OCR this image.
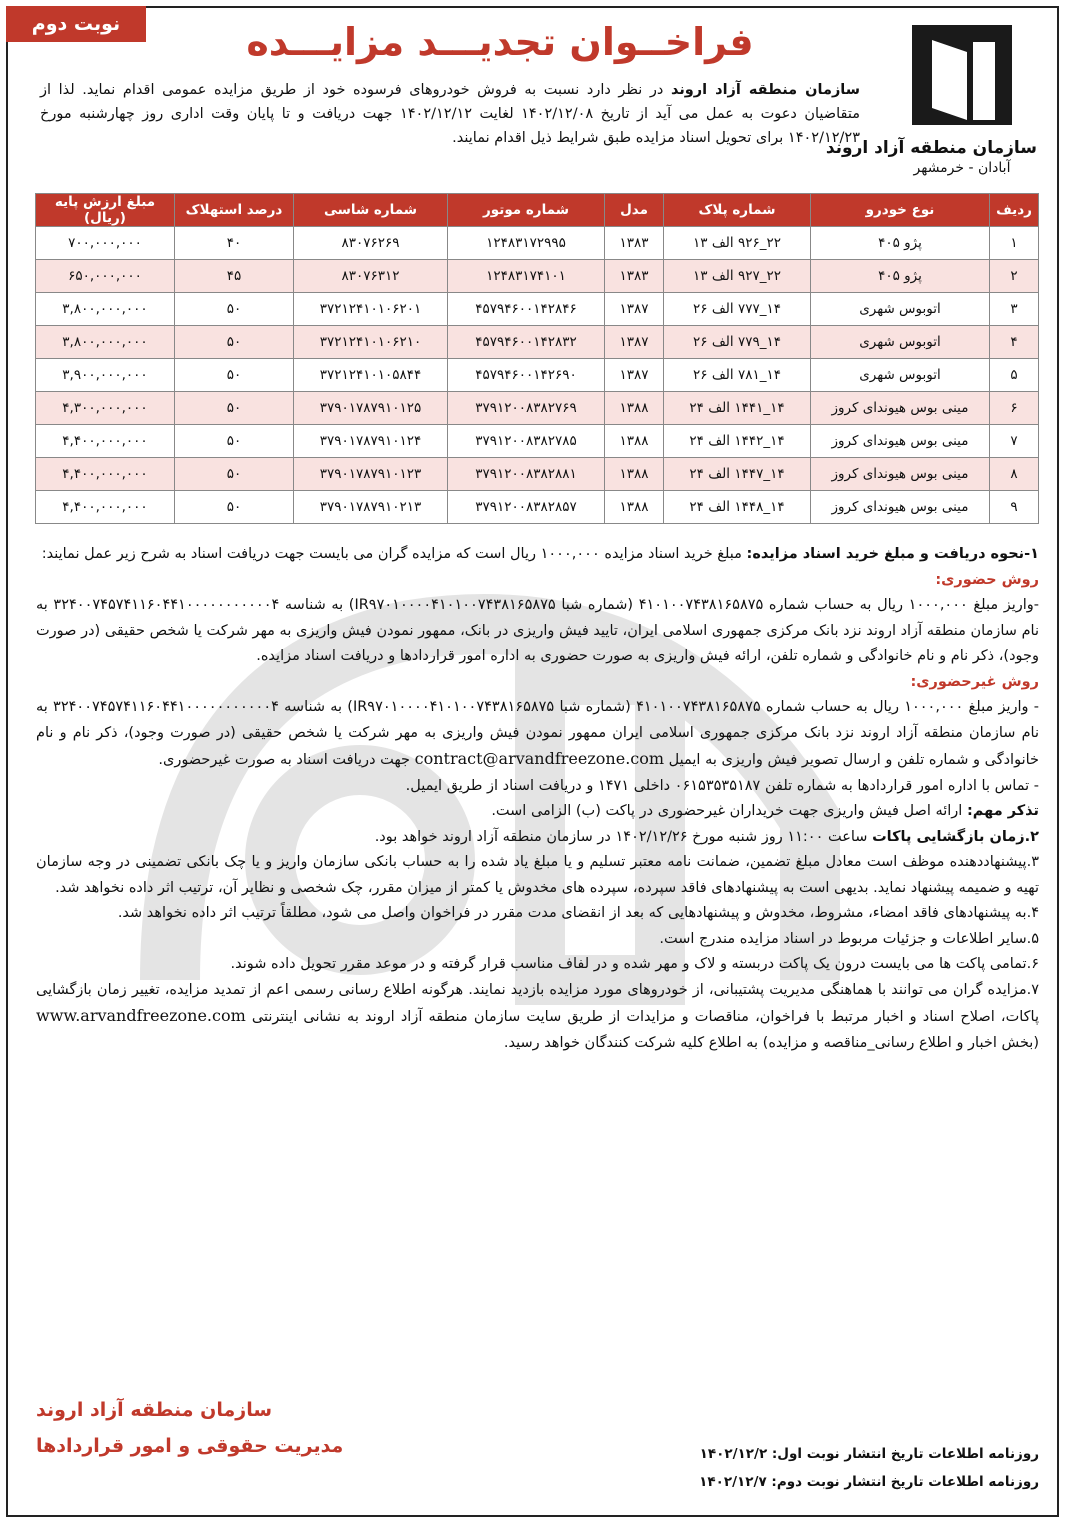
نوبت دوم
سازمان منطقه آزاد اروند
آبادان - خرمشهر
فراخــوان تجدیـــد مزایـــده
سازمان منطقه آزاد اروند در نظر دارد نسبت به فروش خودروهای فرسوده خود از طریق مزایده عمومی اقدام نماید. لذا از متقاضیان دعوت به عمل می آید از تاریخ ۱۴۰۲/۱۲/۰۸ لغایت ۱۴۰۲/۱۲/۱۲ جهت دریافت و تا پایان وقت اداری روز چهارشنبه مورخ ۱۴۰۲/۱۲/۲۳ برای تحویل اسناد مزایده طبق شرایط ذیل اقدام نمایند.
ردیف	نوع خودرو	شماره پلاک	مدل	شماره موتور	شماره شاسی	درصد استهلاک	مبلغ ارزش پایه (ریال)
۱	پژو ۴۰۵	۲۲_۹۲۶ الف ۱۳	۱۳۸۳	۱۲۴۸۳۱۷۲۹۹۵	۸۳۰۷۶۲۶۹	۴۰	۷۰۰,۰۰۰,۰۰۰
۲	پژو ۴۰۵	۲۲_۹۲۷ الف ۱۳	۱۳۸۳	۱۲۴۸۳۱۷۴۱۰۱	۸۳۰۷۶۳۱۲	۴۵	۶۵۰,۰۰۰,۰۰۰
۳	اتوبوس شهری	۱۴_۷۷۷ الف ۲۶	۱۳۸۷	۴۵۷۹۴۶۰۰۱۴۲۸۴۶	۳۷۲۱۲۴۱۰۱۰۶۲۰۱	۵۰	۳,۸۰۰,۰۰۰,۰۰۰
۴	اتوبوس شهری	۱۴_۷۷۹ الف ۲۶	۱۳۸۷	۴۵۷۹۴۶۰۰۱۴۲۸۳۲	۳۷۲۱۲۴۱۰۱۰۶۲۱۰	۵۰	۳,۸۰۰,۰۰۰,۰۰۰
۵	اتوبوس شهری	۱۴_۷۸۱ الف ۲۶	۱۳۸۷	۴۵۷۹۴۶۰۰۱۴۲۶۹۰	۳۷۲۱۲۴۱۰۱۰۵۸۴۴	۵۰	۳,۹۰۰,۰۰۰,۰۰۰
۶	مینی بوس هیوندای کروز	۱۴_۱۴۴۱ الف ۲۴	۱۳۸۸	۳۷۹۱۲۰۰۸۳۸۲۷۶۹	۳۷۹۰۱۷۸۷۹۱۰۱۲۵	۵۰	۴,۳۰۰,۰۰۰,۰۰۰
۷	مینی بوس هیوندای کروز	۱۴_۱۴۴۲ الف ۲۴	۱۳۸۸	۳۷۹۱۲۰۰۸۳۸۲۷۸۵	۳۷۹۰۱۷۸۷۹۱۰۱۲۴	۵۰	۴,۴۰۰,۰۰۰,۰۰۰
۸	مینی بوس هیوندای کروز	۱۴_۱۴۴۷ الف ۲۴	۱۳۸۸	۳۷۹۱۲۰۰۸۳۸۲۸۸۱	۳۷۹۰۱۷۸۷۹۱۰۱۲۳	۵۰	۴,۴۰۰,۰۰۰,۰۰۰
۹	مینی بوس هیوندای کروز	۱۴_۱۴۴۸ الف ۲۴	۱۳۸۸	۳۷۹۱۲۰۰۸۳۸۲۸۵۷	۳۷۹۰۱۷۸۷۹۱۰۲۱۳	۵۰	۴,۴۰۰,۰۰۰,۰۰۰

۱-نحوه دریافت و مبلغ خرید اسناد مزایده: مبلغ خرید اسناد مزایده ۱۰۰۰,۰۰۰ ریال است که مزایده گران می بایست جهت دریافت اسناد به شرح زیر عمل نمایند:

روش حضوری:

-واریز مبلغ ۱۰۰۰,۰۰۰ ریال به حساب شماره ۴۱۰۱۰۰۷۴۳۸۱۶۵۸۷۵ (شماره شبا IR۹۷۰۱۰۰۰۰۴۱۰۱۰۰۷۴۳۸۱۶۵۸۷۵) به شناسه ۳۲۴۰۰۷۴۵۷۴۱۱۶۰۴۴۱۰۰۰۰۰۰۰۰۰۰۰۴ به نام سازمان منطقه آزاد اروند نزد بانک مرکزی جمهوری اسلامی ایران، تایید فیش واریزی در بانک، ممهور نمودن فیش واریزی به مهر شرکت یا شخص حقیقی (در صورت وجود)، ذکر نام و نام خانوادگی و شماره تلفن، ارائه فیش واریزی به صورت حضوری به اداره امور قراردادها و دریافت اسناد مزایده.

روش غیرحضوری:

- واریز مبلغ ۱۰۰۰,۰۰۰ ریال به حساب شماره ۴۱۰۱۰۰۷۴۳۸۱۶۵۸۷۵ (شماره شبا IR۹۷۰۱۰۰۰۰۴۱۰۱۰۰۷۴۳۸۱۶۵۸۷۵) به شناسه ۳۲۴۰۰۷۴۵۷۴۱۱۶۰۴۴۱۰۰۰۰۰۰۰۰۰۰۰۴ به نام سازمان منطقه آزاد اروند نزد بانک مرکزی جمهوری اسلامی ایران ممهور نمودن فیش واریزی به مهر شرکت یا شخص حقیقی (در صورت وجود)، ذکر نام و نام خانوادگی و شماره تلفن و ارسال تصویر فیش واریزی به ایمیل contract@arvandfreezone.com جهت دریافت اسناد به صورت غیرحضوری.

- تماس با اداره امور قراردادها به شماره تلفن ۰۶۱۵۳۵۳۵۱۸۷ داخلی ۱۴۷۱ و دریافت اسناد از طریق ایمیل.

تذکر مهم: ارائه اصل فیش واریزی جهت خریداران غیرحضوری در پاکت (ب) الزامی است.

۲.زمان بازگشایی پاکات ساعت ۱۱:۰۰ روز شنبه مورخ ۱۴۰۲/۱۲/۲۶ در سازمان منطقه آزاد اروند خواهد بود.

۳.پیشنهاددهنده موظف است معادل مبلغ تضمین، ضمانت نامه معتبر تسلیم و یا مبلغ یاد شده را به حساب بانکی سازمان واریز و یا چک بانکی تضمینی در وجه سازمان تهیه و ضمیمه پیشنهاد نماید. بدیهی است به پیشنهادهای فاقد سپرده، سپرده های مخدوش یا کمتر از میزان مقرر، چک شخصی و نظایر آن، ترتیب اثر داده نخواهد شد.

۴.به پیشنهادهای فاقد امضاء، مشروط، مخدوش و پیشنهادهایی که بعد از انقضای مدت مقرر در فراخوان واصل می شود، مطلقاً ترتیب اثر داده نخواهد شد.

۵.سایر اطلاعات و جزئیات مربوط در اسناد مزایده مندرج است.

۶.تمامی پاکت ها می بایست درون یک پاکت دربسته و لاک و مهر شده و در لفاف مناسب قرار گرفته و در موعد مقرر تحویل داده شوند.

۷.مزایده گران می توانند با هماهنگی مدیریت پشتیبانی، از خودروهای مورد مزایده بازدید نمایند. هرگونه اطلاع رسانی رسمی اعم از تمدید مزایده، تغییر زمان بازگشایی پاکات، اصلاح اسناد و اخبار مرتبط با فراخوان، مناقصات و مزایدات از طریق سایت سازمان منطقه آزاد اروند به نشانی اینترنتی www.arvandfreezone.com (بخش اخبار و اطلاع رسانی_مناقصه و مزایده) به اطلاع کلیه شرکت کنندگان خواهد رسید.

سازمان منطقه آزاد اروند
مدیریت حقوقی و امور قراردادها	روزنامه اطلاعات تاریخ انتشار نوبت اول: ۱۴۰۲/۱۲/۲
روزنامه اطلاعات تاریخ انتشار نوبت دوم: ۱۴۰۲/۱۲/۷
